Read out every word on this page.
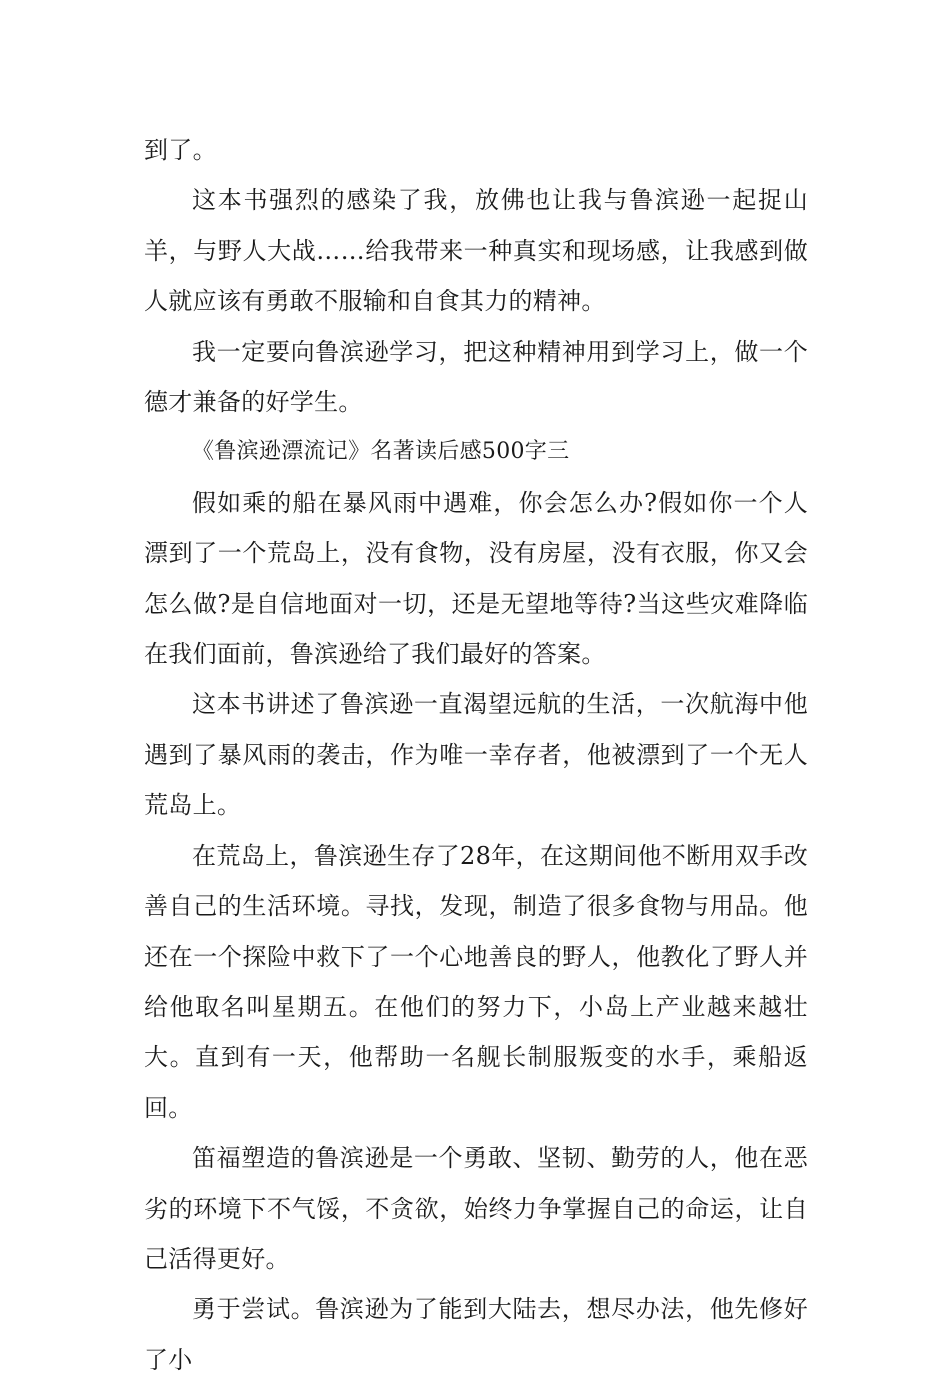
到了。

这本书强烈的感染了我，放佛也让我与鲁滨逊一起捉山羊，与野人大战……给我带来一种真实和现场感，让我感到做人就应该有勇敢不服输和自食其力的精神。

我一定要向鲁滨逊学习，把这种精神用到学习上，做一个德才兼备的好学生。

《鲁滨逊漂流记》名著读后感500字三

假如乘的船在暴风雨中遇难，你会怎么办?假如你一个人漂到了一个荒岛上，没有食物，没有房屋，没有衣服，你又会怎么做?是自信地面对一切，还是无望地等待?当这些灾难降临在我们面前，鲁滨逊给了我们最好的答案。

这本书讲述了鲁滨逊一直渴望远航的生活，一次航海中他遇到了暴风雨的袭击，作为唯一幸存者，他被漂到了一个无人荒岛上。

在荒岛上，鲁滨逊生存了28年，在这期间他不断用双手改善自己的生活环境。寻找，发现，制造了很多食物与用品。他还在一个探险中救下了一个心地善良的野人，他教化了野人并给他取名叫星期五。在他们的努力下，小岛上产业越来越壮大。直到有一天，他帮助一名舰长制服叛变的水手，乘船返回。

笛福塑造的鲁滨逊是一个勇敢、坚韧、勤劳的人，他在恶劣的环境下不气馁，不贪欲，始终力争掌握自己的命运，让自己活得更好。

勇于尝试。鲁滨逊为了能到大陆去，想尽办法，他先修好了小
